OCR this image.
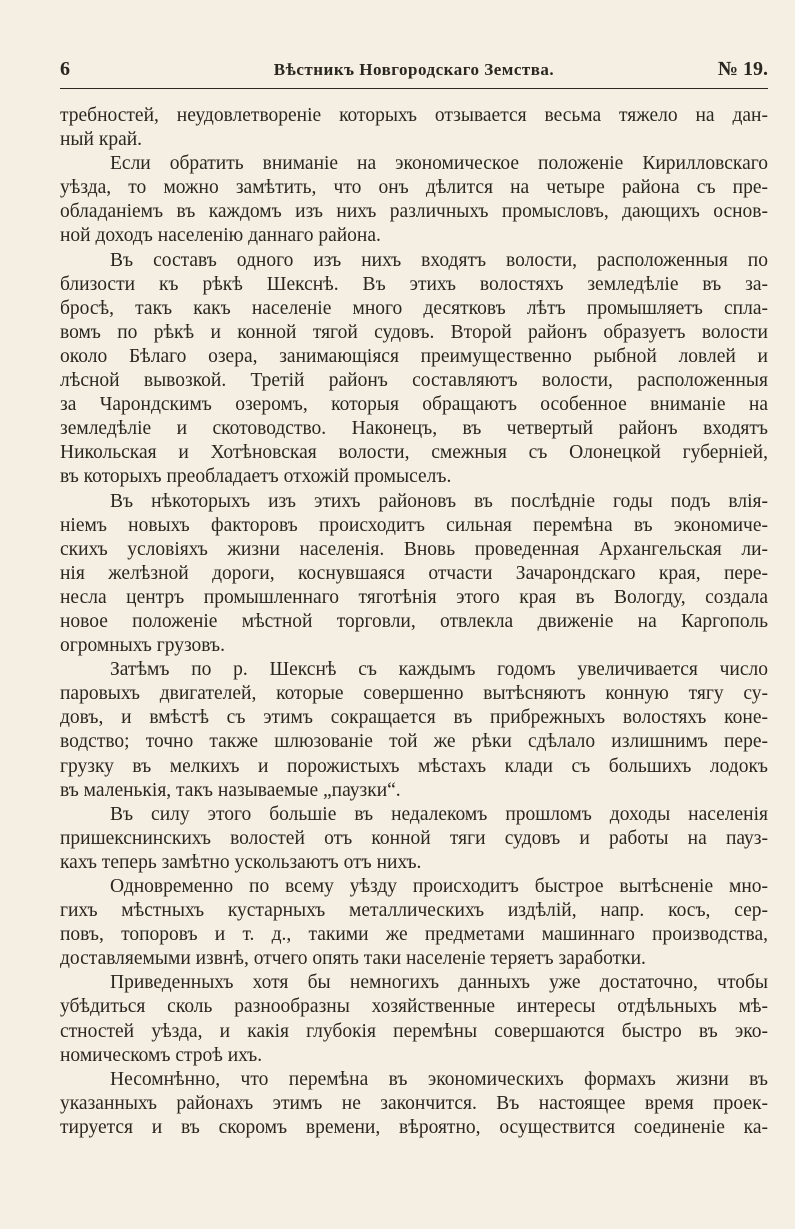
6	Вѣстникъ Новгородскаго Земства.	№ 19.
требностей, неудовлетвореніе которыхъ отзывается весьма тяжело на дан-
ный край.
Если обратить вниманіе на экономическое положеніе Кирилловскаго
уѣзда, то можно замѣтить, что онъ дѣлится на четыре района съ пре-
обладаніемъ въ каждомъ изъ нихъ различныхъ промысловъ, дающихъ основ-
ной доходъ населенію даннаго района.
Въ составъ одного изъ нихъ входятъ волости, расположенныя по
близости къ рѣкѣ Шекснѣ. Въ этихъ волостяхъ земледѣліе въ за-
бросѣ, такъ какъ населеніе много десятковъ лѣтъ промышляетъ спла-
вомъ по рѣкѣ и конной тягой судовъ. Второй районъ образуетъ волости
около Бѣлаго озера, занимающіяся преимущественно рыбной ловлей и
лѣсной вывозкой. Третій районъ составляютъ волости, расположенныя
за Чарондскимъ озеромъ, которыя обращаютъ особенное вниманіе на
земледѣліе и скотоводство. Наконецъ, въ четвертый районъ входятъ
Никольская и Хотѣновская волости, смежныя съ Олонецкой губерніей,
въ которыхъ преобладаетъ отхожій промыселъ.
Въ нѣкоторыхъ изъ этихъ районовъ въ послѣдніе годы подъ влія-
ніемъ новыхъ факторовъ происходитъ сильная перемѣна въ экономиче-
скихъ условіяхъ жизни населенія. Вновь проведенная Архангельская ли-
нія желѣзной дороги, коснувшаяся отчасти Зачарондскаго края, пере-
несла центръ промышленнаго тяготѣнія этого края въ Вологду, создала
новое положеніе мѣстной торговли, отвлекла движеніе на Каргополь
огромныхъ грузовъ.
Затѣмъ по р. Шекснѣ съ каждымъ годомъ увеличивается число
паровыхъ двигателей, которые совершенно вытѣсняютъ конную тягу су-
довъ, и вмѣстѣ съ этимъ сокращается въ прибрежныхъ волостяхъ коне-
водство; точно также шлюзованіе той же рѣки сдѣлало излишнимъ пере-
грузку въ мелкихъ и порожистыхъ мѣстахъ клади съ большихъ лодокъ
въ маленькія, такъ называемые „паузки“.
Въ силу этого большіе въ недалекомъ прошломъ доходы населенія
пришекснинскихъ волостей отъ конной тяги судовъ и работы на пауз-
кахъ теперь замѣтно ускользаютъ отъ нихъ.
Одновременно по всему уѣзду происходитъ быстрое вытѣсненіе мно-
гихъ мѣстныхъ кустарныхъ металлическихъ издѣлій, напр. косъ, сер-
повъ, топоровъ и т. д., такими же предметами машиннаго производства,
доставляемыми извнѣ, отчего опять таки населеніе теряетъ заработки.
Приведенныхъ хотя бы немногихъ данныхъ уже достаточно, чтобы
убѣдиться сколь разнообразны хозяйственные интересы отдѣльныхъ мѣ-
стностей уѣзда, и какія глубокія перемѣны совершаются быстро въ эко-
номическомъ строѣ ихъ.
Несомнѣнно, что перемѣна въ экономическихъ формахъ жизни въ
указанныхъ районахъ этимъ не закончится. Въ настоящее время проек-
тируется и въ скоромъ времени, вѣроятно, осуществится соединеніе ка-
